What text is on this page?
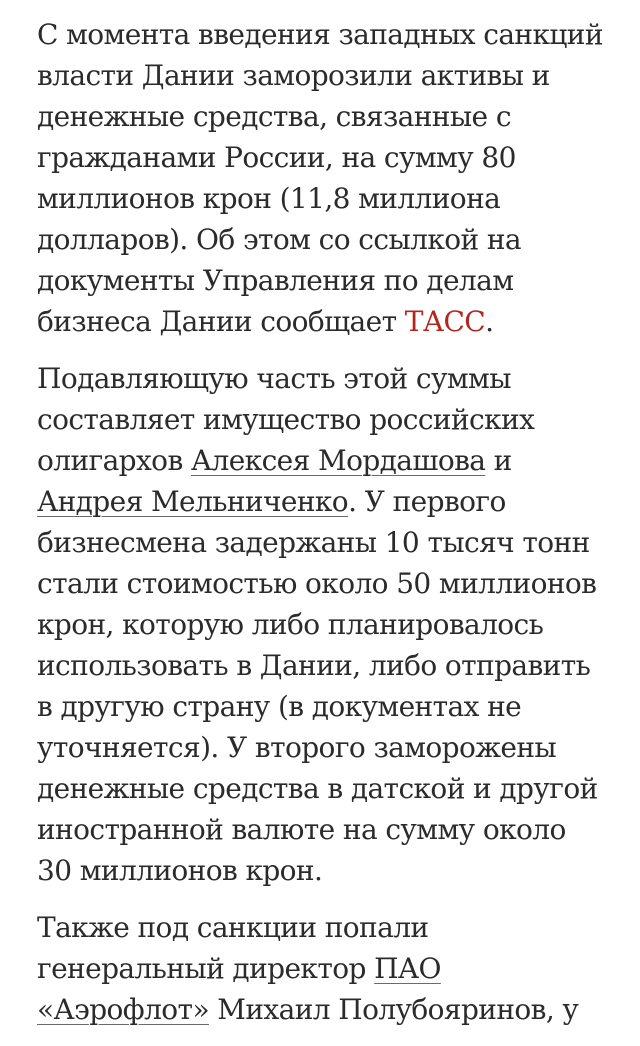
С момента введения западных санкций
власти Дании заморозили активы и
денежные средства, связанные с
гражданами России, на сумму 80
миллионов крон (11,8 миллиона
долларов). Об этом со ссылкой на
документы Управления по делам
бизнеса Дании сообщает ТАСС.

Подавляющую часть этой суммы
составляет имущество российских
олигархов Алексея Мордашова и
Андрея Мельниченко. У первого
бизнесмена задержаны 10 тысяч тонн
стали стоимостью около 50 миллионов
крон, которую либо планировалось
использовать в Дании, либо отправить
в другую страну (в документах не
уточняется). У второго заморожены
денежные средства в датской и другой
иностранной валюте на сумму около
30 миллионов крон.

Также под санкции попали
генеральный директор ПАО
«Аэрофлот» Михаил Полубояринов, у
